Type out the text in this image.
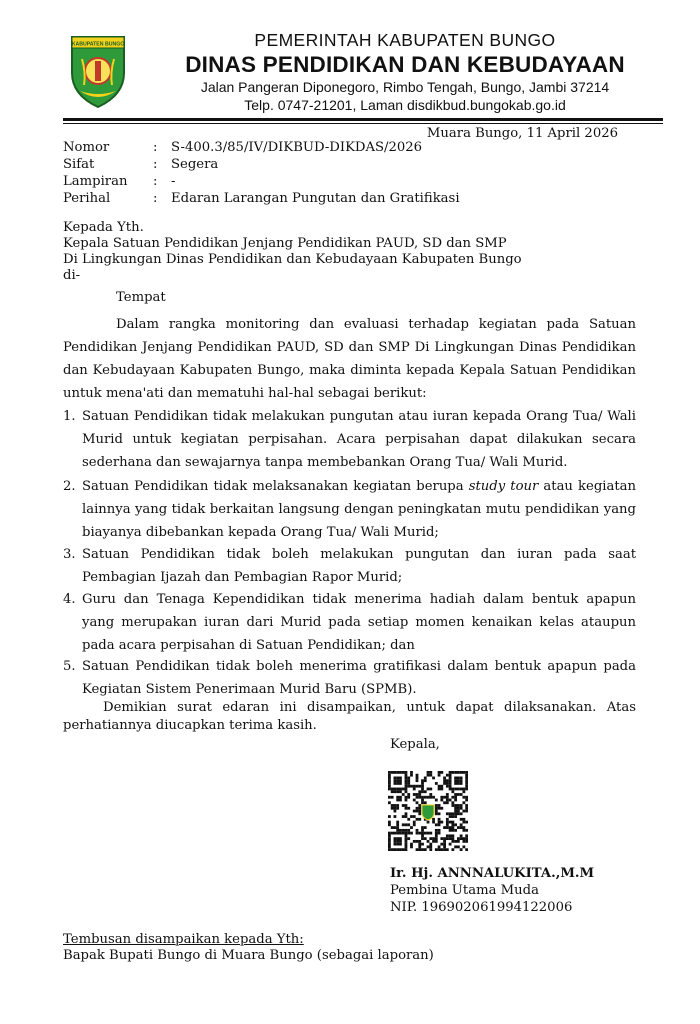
KABUPATEN BUNGO	PEMERINTAH KABUPATEN BUNGO
DINAS PENDIDIKAN DAN KEBUDAYAAN
Jalan Pangeran Diponegoro, Rimbo Tengah, Bungo, Jambi 37214
Telp. 0747-21201, Laman disdikbud.bungokab.go.id
Muara Bungo, 11 April 2026
Nomor	: S-400.3/85/IV/DIKBUD-DIKDAS/2026
Sifat	: Segera
Lampiran : -
Perihal	: Edaran Larangan Pungutan dan Gratifikasi
Kepada Yth.
Kepala Satuan Pendidikan Jenjang Pendidikan PAUD, SD dan SMP
Di Lingkungan Dinas Pendidikan dan Kebudayaan Kabupaten Bungo
di-
Tempat
Dalam rangka monitoring dan evaluasi terhadap kegiatan pada Satuan Pendidikan Jenjang Pendidikan PAUD, SD dan SMP Di Lingkungan Dinas Pendidikan dan Kebudayaan Kabupaten Bungo, maka diminta kepada Kepala Satuan Pendidikan untuk mena'ati dan mematuhi hal-hal sebagai berikut:
1. Satuan Pendidikan tidak melakukan pungutan atau iuran kepada Orang Tua/ Wali Murid untuk kegiatan perpisahan. Acara perpisahan dapat dilakukan secara sederhana dan sewajarnya tanpa membebankan Orang Tua/ Wali Murid.
2. Satuan Pendidikan tidak melaksanakan kegiatan berupa study tour atau kegiatan lainnya yang tidak berkaitan langsung dengan peningkatan mutu pendidikan yang biayanya dibebankan kepada Orang Tua/ Wali Murid;
3. Satuan Pendidikan tidak boleh melakukan pungutan dan iuran pada saat Pembagian Ijazah dan Pembagian Rapor Murid;
4. Guru dan Tenaga Kependidikan tidak menerima hadiah dalam bentuk apapun yang merupakan iuran dari Murid pada setiap momen kenaikan kelas ataupun pada acara perpisahan di Satuan Pendidikan; dan
5. Satuan Pendidikan tidak boleh menerima gratifikasi dalam bentuk apapun pada Kegiatan Sistem Penerimaan Murid Baru (SPMB).
Demikian surat edaran ini disampaikan, untuk dapat dilaksanakan. Atas perhatiannya diucapkan terima kasih.
Kepala,
Ir. Hj. ANNNALUKITA.,M.M
Pembina Utama Muda
NIP. 196902061994122006
Tembusan disampaikan kepada Yth:
Bapak Bupati Bungo di Muara Bungo (sebagai laporan)
